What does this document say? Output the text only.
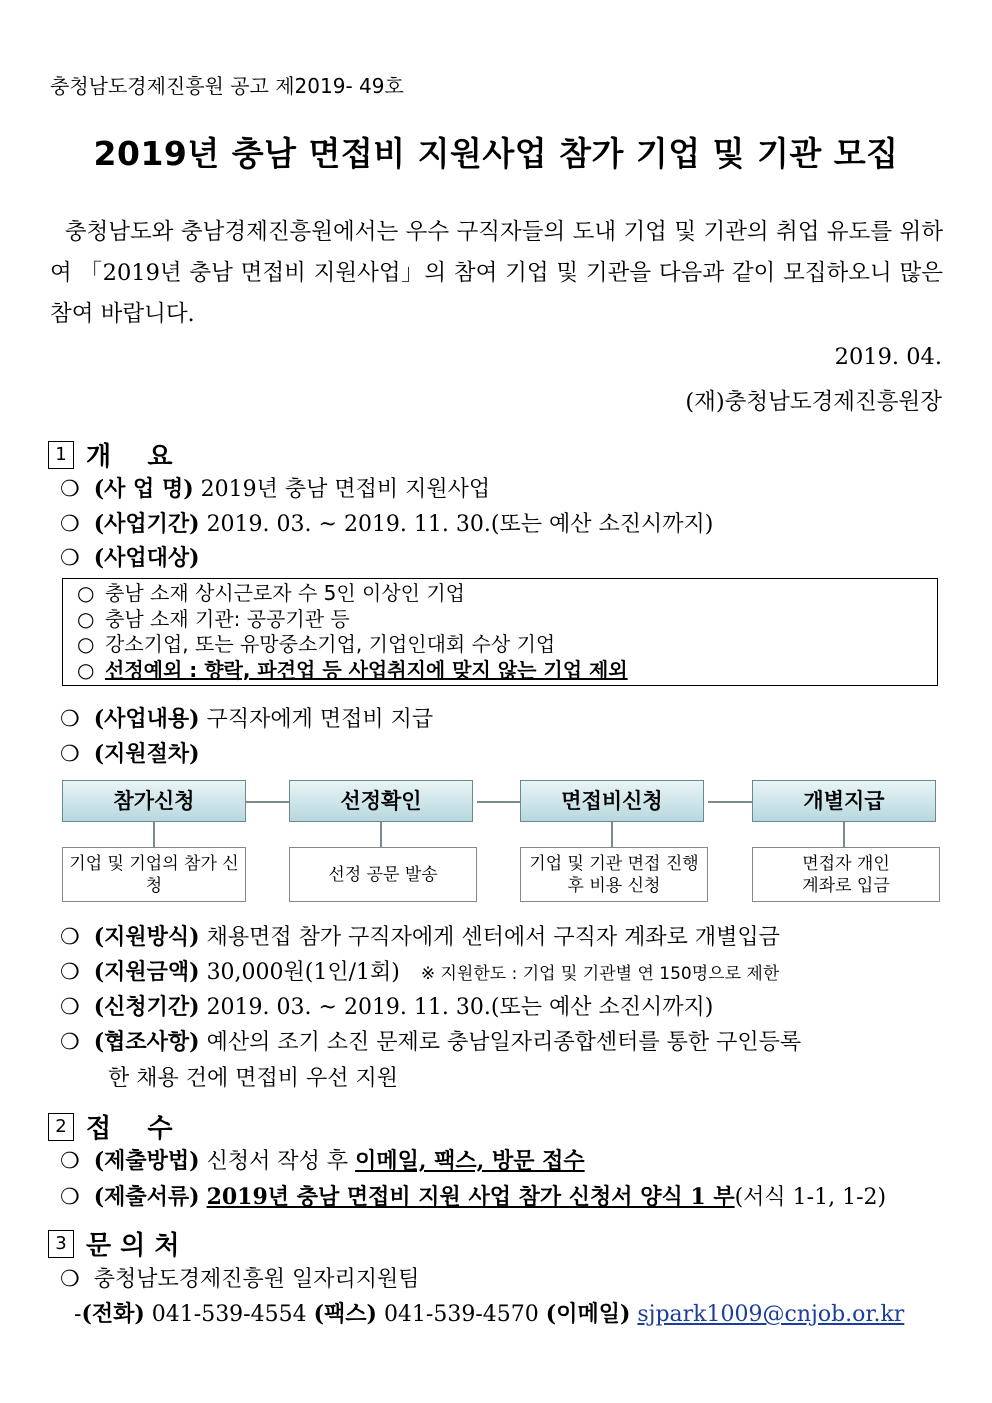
충청남도경제진흥원 공고 제2019- 49호
2019년 충남 면접비 지원사업 참가 기업 및 기관 모집
충청남도와 충남경제진흥원에서는 우수 구직자들의 도내 기업 및 기관의 취업 유도를 위하여 「2019년 충남 면접비 지원사업」의 참여 기업 및 기관을 다음과 같이 모집하오니 많은 참여 바랍니다.
2019. 04.
(재)충청남도경제진흥원장
1 개    요
❍ (사 업 명) 2019년 충남 면접비 지원사업
❍ (사업기간) 2019. 03. ~ 2019. 11. 30.(또는 예산 소진시까지)
❍ (사업대상)
○ 충남 소재 상시근로자 수 5인 이상인 기업
○ 충남 소재 기관: 공공기관 등
○ 강소기업, 또는 유망중소기업, 기업인대회 수상 기업
○ 선정예외 : 향락, 파견업 등 사업취지에 맞지 않는 기업 제외
❍ (사업내용) 구직자에게 면접비 지급
❍ (지원절차)
참가신청	선정확인	면접비신청	개별지급
기업 및 기업의 참가 신청
선정 공문 발송
기업 및 기관 면접 진행
후 비용 신청
면접자 개인
계좌로 입금
❍ (지원방식) 채용면접 참가 구직자에게 센터에서 구직자 계좌로 개별입금
❍ (지원금액) 30,000원(1인/1회) ※ 지원한도 : 기업 및 기관별 연 150명으로 제한
❍ (신청기간) 2019. 03. ~ 2019. 11. 30.(또는 예산 소진시까지)
❍ (협조사항) 예산의 조기 소진 문제로 충남일자리종합센터를 통한 구인등록
한 채용 건에 면접비 우선 지원
2 접    수
❍ (제출방법) 신청서 작성 후 이메일, 팩스, 방문 접수
❍ (제출서류) 2019년 충남 면접비 지원 사업 참가 신청서 양식 1 부(서식 1-1, 1-2)
3 문 의 처
❍ 충청남도경제진흥원 일자리지원팀
-(전화) 041-539-4554 (팩스) 041-539-4570 (이메일) sjpark1009@cnjob.or.kr
